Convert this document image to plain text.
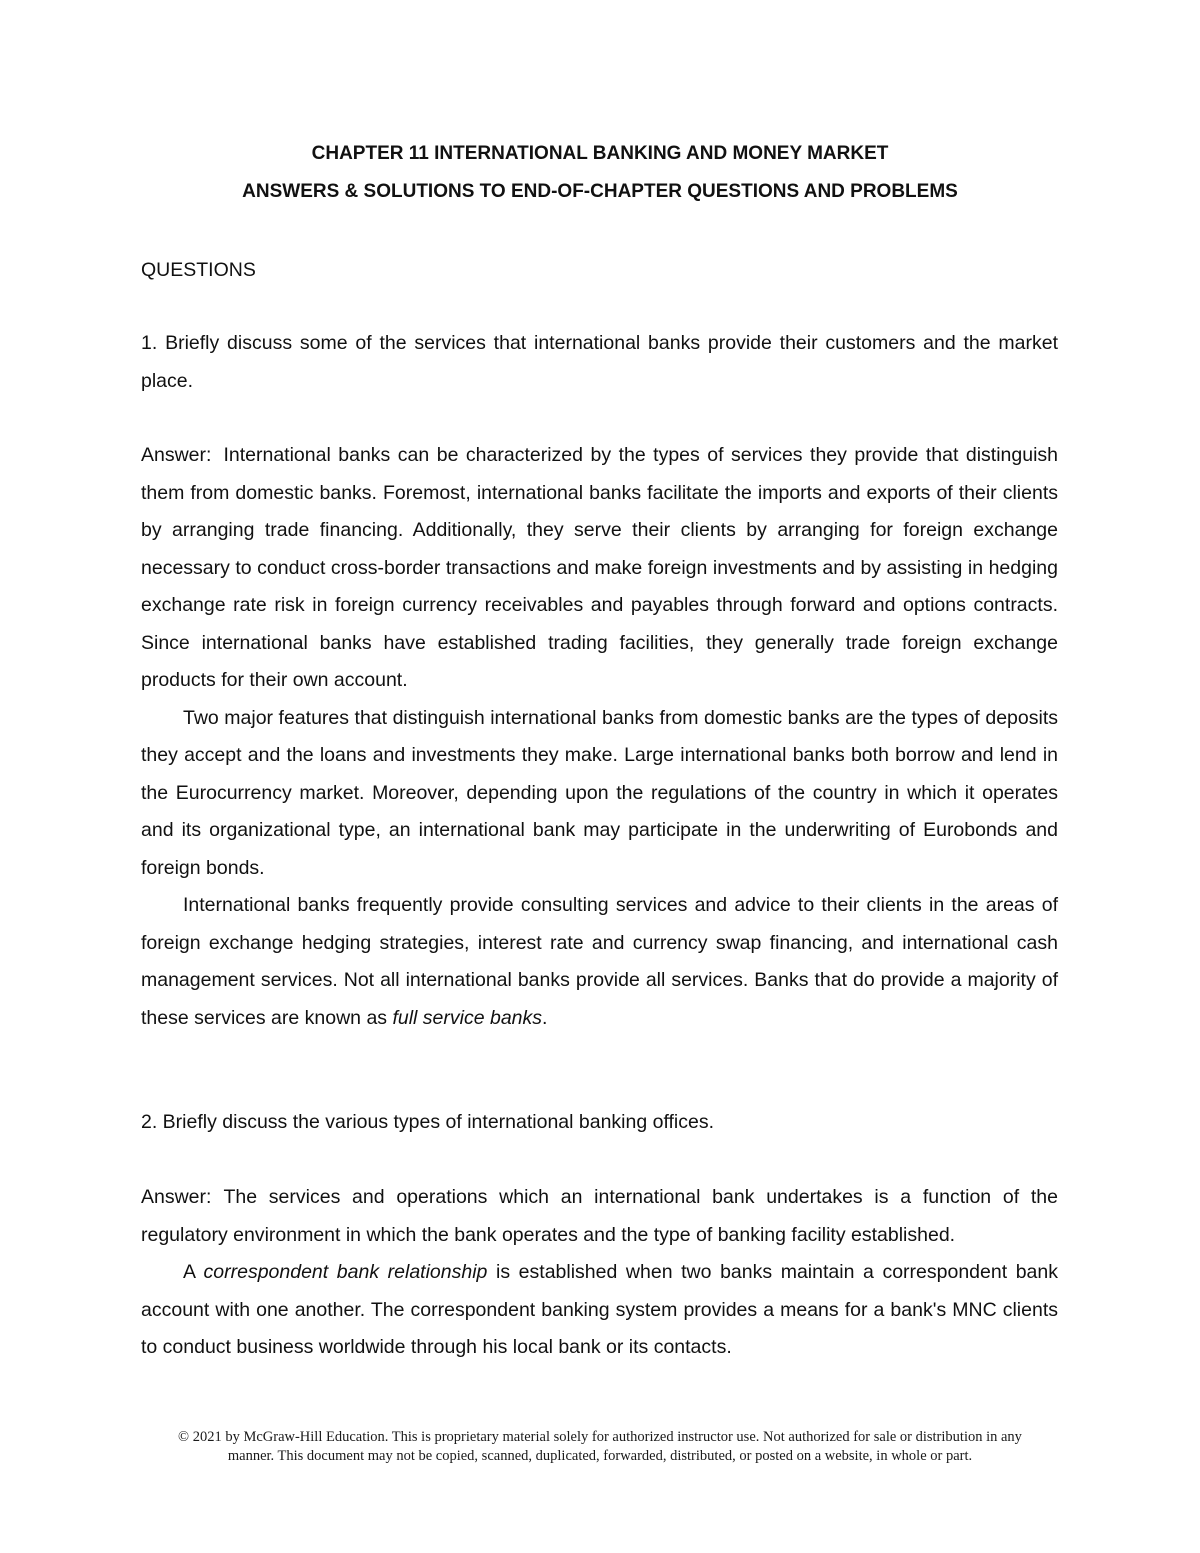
CHAPTER 11 INTERNATIONAL BANKING AND MONEY MARKET
ANSWERS & SOLUTIONS TO END-OF-CHAPTER QUESTIONS AND PROBLEMS
QUESTIONS

1. Briefly discuss some of the services that international banks provide their customers and the market place.

Answer: International banks can be characterized by the types of services they provide that distinguish them from domestic banks. Foremost, international banks facilitate the imports and exports of their clients by arranging trade financing. Additionally, they serve their clients by arranging for foreign exchange necessary to conduct cross-border transactions and make foreign investments and by assisting in hedging exchange rate risk in foreign currency receivables and payables through forward and options contracts. Since international banks have established trading facilities, they generally trade foreign exchange products for their own account.

Two major features that distinguish international banks from domestic banks are the types of deposits they accept and the loans and investments they make. Large international banks both borrow and lend in the Eurocurrency market. Moreover, depending upon the regulations of the country in which it operates and its organizational type, an international bank may participate in the underwriting of Eurobonds and foreign bonds.

International banks frequently provide consulting services and advice to their clients in the areas of foreign exchange hedging strategies, interest rate and currency swap financing, and international cash management services. Not all international banks provide all services. Banks that do provide a majority of these services are known as full service banks.

2. Briefly discuss the various types of international banking offices.

Answer: The services and operations which an international bank undertakes is a function of the regulatory environment in which the bank operates and the type of banking facility established.

A correspondent bank relationship is established when two banks maintain a correspondent bank account with one another. The correspondent banking system provides a means for a bank's MNC clients to conduct business worldwide through his local bank or its contacts.

© 2021 by McGraw-Hill Education. This is proprietary material solely for authorized instructor use. Not authorized for sale or distribution in any
manner. This document may not be copied, scanned, duplicated, forwarded, distributed, or posted on a website, in whole or part.
